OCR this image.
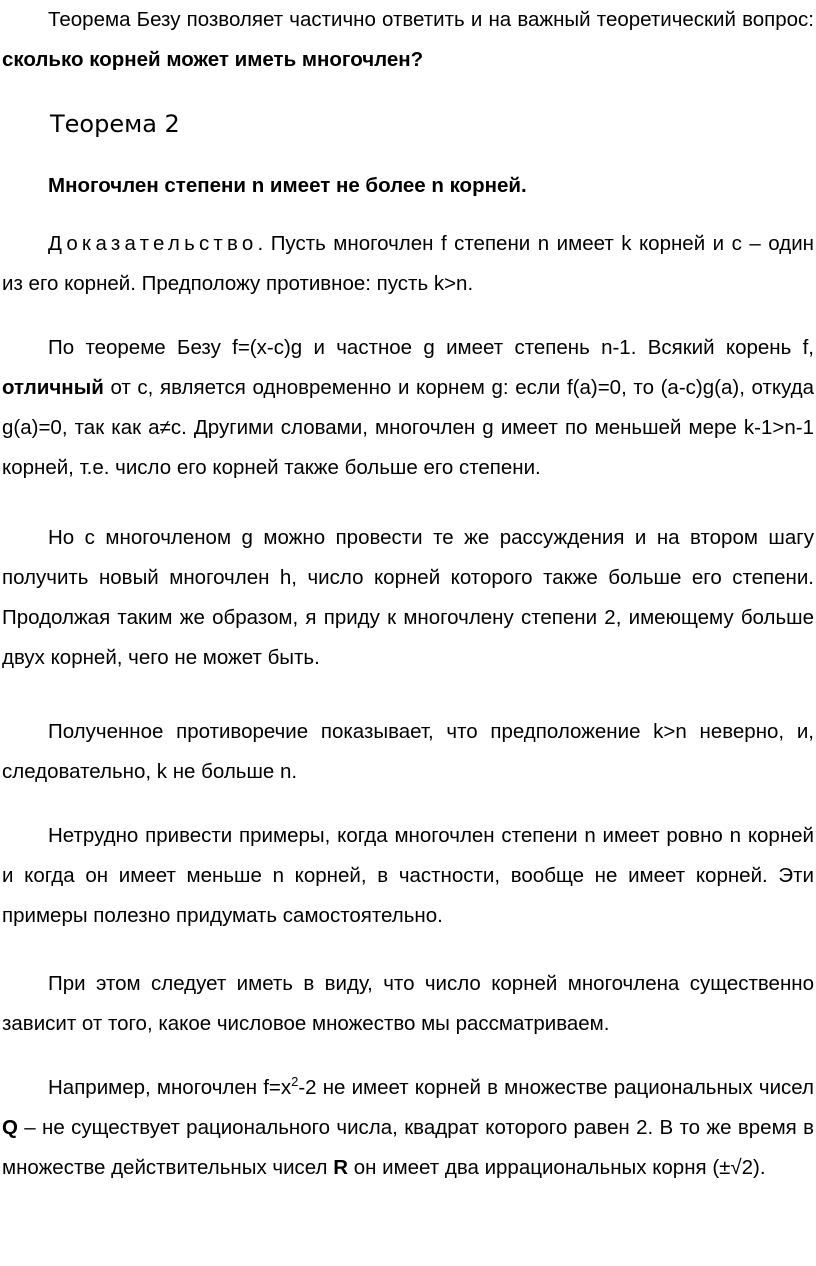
Теорема Безу позволяет частично ответить и на важный теоретический вопрос: сколько корней может иметь многочлен?

Теорема 2

Многочлен степени n имеет не более n корней.

Доказательство. Пусть многочлен f степени n имеет k корней и c – один из его корней. Предположу противное: пусть k>n.

По теореме Безу f=(x-c)g и частное g имеет степень n-1. Всякий корень f, отличный от c, является одновременно и корнем g: если f(a)=0, то (a-c)g(a), откуда g(a)=0, так как a≠c. Другими словами, многочлен g имеет по меньшей мере k-1>n-1 корней, т.е. число его корней также больше его степени.

Но с многочленом g можно провести те же рассуждения и на втором шагу получить новый многочлен h, число корней которого также больше его степени. Продолжая таким же образом, я приду к многочлену степени 2, имеющему больше двух корней, чего не может быть.

Полученное противоречие показывает, что предположение k>n неверно, и, следовательно, k не больше n.

Нетрудно привести примеры, когда многочлен степени n имеет ровно n корней и когда он имеет меньше n корней, в частности, вообще не имеет корней. Эти примеры полезно придумать самостоятельно.

При этом следует иметь в виду, что число корней многочлена существенно зависит от того, какое числовое множество мы рассматриваем.

Например, многочлен $f=x^2-2$ не имеет корней в множестве рациональных чисел Q – не существует рационального числа, квадрат которого равен 2. В то же время в множестве действительных чисел R он имеет два иррациональных корня (±√2).
